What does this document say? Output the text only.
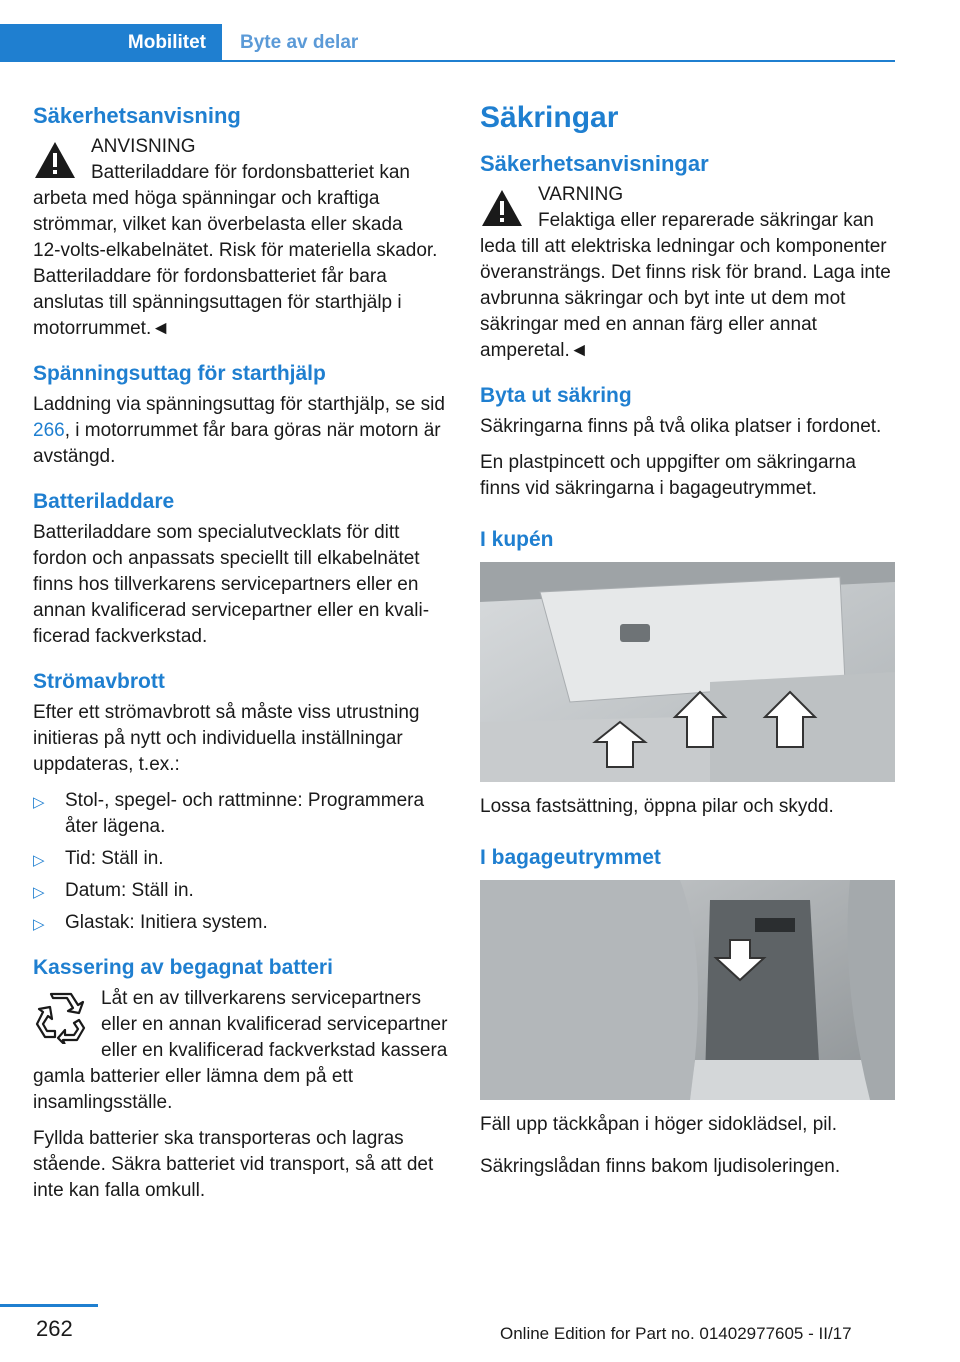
Mobilitet Byte av delar
Säkerhetsanvisning

ANVISNING

Batteriladdare för fordonsbatteriet kan arbeta med höga spänningar och kraftiga strömmar, vilket kan överbelasta eller skada 12‑volts‑elkabelnätet. Risk för materiella skador. Batteriladdare för fordonsbatteriet får bara anslutas till spänningsuttagen för starthjälp i motorrummet.◄

Spänningsuttag för starthjälp

Laddning via spänningsuttag för starthjälp, se sid 266, i motorrummet får bara göras när motorn är avstängd.

Batteriladdare

Batteriladdare som specialutvecklats för ditt fordon och anpassats speciellt till elkabelnätet finns hos tillverkarens servicepartners eller en annan kvalificerad servicepartner eller en kvalificerad fackverkstad.

Strömavbrott

Efter ett strömavbrott så måste viss utrustning initieras på nytt och individuella inställningar uppdateras, t.ex.:

▷ Stol-, spegel- och rattminne: Programmera åter lägena.
▷ Tid: Ställ in.
▷ Datum: Ställ in.
▷ Glastak: Initiera system.
Kassering av begagnat batteri

Låt en av tillverkarens servicepartners eller en annan kvalificerad servicepartner eller en kvalificerad fackverkstad kassera gamla batterier eller lämna dem på ett insamlingsställe.

Fyllda batterier ska transporteras och lagras stående. Säkra batteriet vid transport, så att det inte kan falla omkull.

Säkringar
Säkerhetsanvisningar

VARNING

Felaktiga eller reparerade säkringar kan leda till att elektriska ledningar och komponenter överansträngs. Det finns risk för brand. Laga inte avbrunna säkringar och byt inte ut dem mot säkringar med en annan färg eller annat amperetal.◄

Byta ut säkring

Säkringarna finns på två olika platser i fordonet.

En plastpincett och uppgifter om säkringarna finns vid säkringarna i bagageutrymmet.

I kupén

Lossa fastsättning, öppna pilar och skydd.

I bagageutrymmet

Fäll upp täckkåpan i höger sidoklädsel, pil.

Säkringslådan finns bakom ljudisoleringen.

262	Online Edition for Part no. 01402977605 - II/17
